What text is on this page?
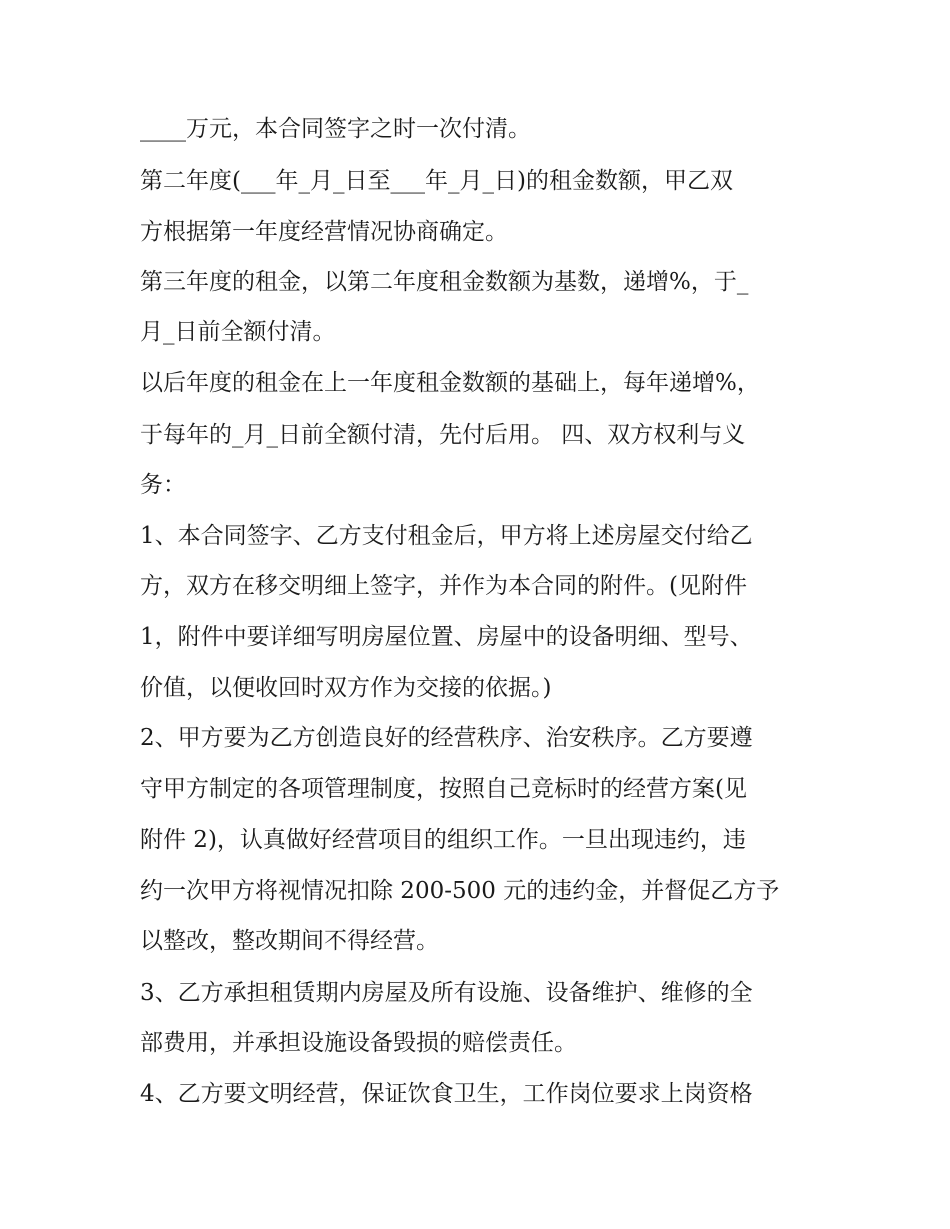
____万元，本合同签字之时一次付清。
第二年度(___年_月_日至___年_月_日)的租金数额，甲乙双
方根据第一年度经营情况协商确定。
第三年度的租金，以第二年度租金数额为基数，递增%，于_
月_日前全额付清。
以后年度的租金在上一年度租金数额的基础上，每年递增%，
于每年的_月_日前全额付清，先付后用。 四、双方权利与义
务：
1、本合同签字、乙方支付租金后，甲方将上述房屋交付给乙
方，双方在移交明细上签字，并作为本合同的附件。(见附件
1，附件中要详细写明房屋位置、房屋中的设备明细、型号、
价值，以便收回时双方作为交接的依据。)
2、甲方要为乙方创造良好的经营秩序、治安秩序。乙方要遵
守甲方制定的各项管理制度，按照自己竞标时的经营方案(见
附件 2)，认真做好经营项目的组织工作。一旦出现违约，违
约一次甲方将视情况扣除 200-500 元的违约金，并督促乙方予
以整改，整改期间不得经营。
3、乙方承担租赁期内房屋及所有设施、设备维护、维修的全
部费用，并承担设施设备毁损的赔偿责任。
4、乙方要文明经营，保证饮食卫生，工作岗位要求上岗资格
